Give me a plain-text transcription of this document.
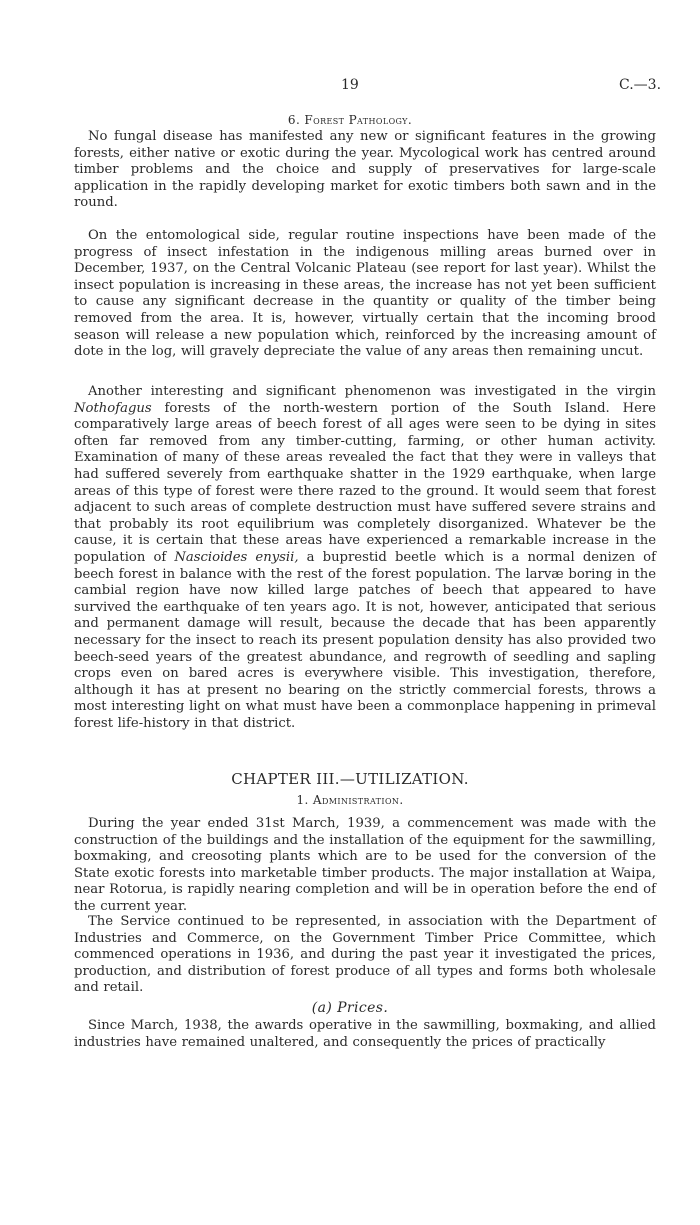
19	C.—3.
6. Forest Pathology.

No fungal disease has manifested any new or significant features in the growing forests, either native or exotic during the year. Mycological work has centred around timber problems and the choice and supply of preservatives for large-scale application in the rapidly developing market for exotic timbers both sawn and in the round.

On the entomological side, regular routine inspections have been made of the progress of insect infestation in the indigenous milling areas burned over in December, 1937, on the Central Volcanic Plateau (see report for last year). Whilst the insect population is increasing in these areas, the increase has not yet been sufficient to cause any significant decrease in the quantity or quality of the timber being removed from the area. It is, however, virtually certain that the incoming brood season will release a new population which, reinforced by the increasing amount of dote in the log, will gravely depreciate the value of any areas then remaining uncut.

Another interesting and significant phenomenon was investigated in the virgin Nothofagus forests of the north-western portion of the South Island. Here comparatively large areas of beech forest of all ages were seen to be dying in sites often far removed from any timber-cutting, farming, or other human activity. Examination of many of these areas revealed the fact that they were in valleys that had suffered severely from earthquake shatter in the 1929 earthquake, when large areas of this type of forest were there razed to the ground. It would seem that forest adjacent to such areas of complete destruction must have suffered severe strains and that probably its root equilibrium was completely disorganized. Whatever be the cause, it is certain that these areas have experienced a remarkable increase in the population of Nascioides enysii, a buprestid beetle which is a normal denizen of beech forest in balance with the rest of the forest population. The larvæ boring in the cambial region have now killed large patches of beech that appeared to have survived the earthquake of ten years ago. It is not, however, anticipated that serious and permanent damage will result, because the decade that has been apparently necessary for the insect to reach its present population density has also provided two beech-seed years of the greatest abundance, and regrowth of seedling and sapling crops even on bared acres is everywhere visible. This investigation, therefore, although it has at present no bearing on the strictly commercial forests, throws a most interesting light on what must have been a commonplace happening in primeval forest life-history in that district.

CHAPTER III.—UTILIZATION.
1. Administration.

During the year ended 31st March, 1939, a commencement was made with the construction of the buildings and the installation of the equipment for the sawmilling, boxmaking, and creosoting plants which are to be used for the conversion of the State exotic forests into marketable timber products. The major installation at Waipa, near Rotorua, is rapidly nearing completion and will be in operation before the end of the current year.

The Service continued to be represented, in association with the Department of Industries and Commerce, on the Government Timber Price Committee, which commenced operations in 1936, and during the past year it investigated the prices, production, and distribution of forest produce of all types and forms both wholesale and retail.

(a) Prices.

Since March, 1938, the awards operative in the sawmilling, boxmaking, and allied industries have remained unaltered, and consequently the prices of practically
